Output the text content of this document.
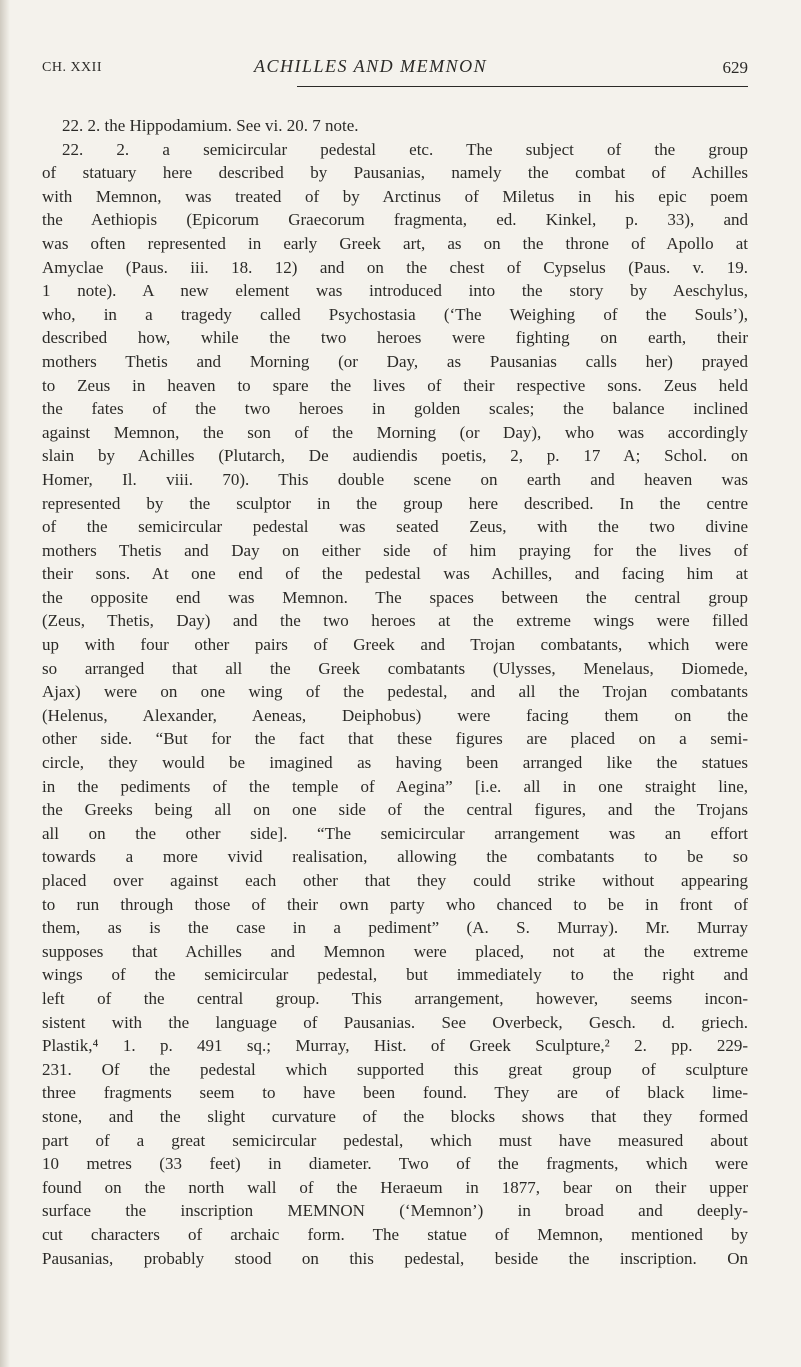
CH. XXII	ACHILLES AND MEMNON	629
22. 2. the Hippodamium. See vi. 20. 7 note.
22. 2. a semicircular pedestal etc. The subject of the group
of statuary here described by Pausanias, namely the combat of Achilles
with Memnon, was treated of by Arctinus of Miletus in his epic poem
the Aethiopis (Epicorum Graecorum fragmenta, ed. Kinkel, p. 33), and
was often represented in early Greek art, as on the throne of Apollo at
Amyclae (Paus. iii. 18. 12) and on the chest of Cypselus (Paus. v. 19.
1 note). A new element was introduced into the story by Aeschylus,
who, in a tragedy called Psychostasia (‘The Weighing of the Souls’),
described how, while the two heroes were fighting on earth, their
mothers Thetis and Morning (or Day, as Pausanias calls her) prayed
to Zeus in heaven to spare the lives of their respective sons. Zeus held
the fates of the two heroes in golden scales; the balance inclined
against Memnon, the son of the Morning (or Day), who was accordingly
slain by Achilles (Plutarch, De audiendis poetis, 2, p. 17 A; Schol. on
Homer, Il. viii. 70). This double scene on earth and heaven was
represented by the sculptor in the group here described. In the centre
of the semicircular pedestal was seated Zeus, with the two divine
mothers Thetis and Day on either side of him praying for the lives of
their sons. At one end of the pedestal was Achilles, and facing him at
the opposite end was Memnon. The spaces between the central group
(Zeus, Thetis, Day) and the two heroes at the extreme wings were filled
up with four other pairs of Greek and Trojan combatants, which were
so arranged that all the Greek combatants (Ulysses, Menelaus, Diomede,
Ajax) were on one wing of the pedestal, and all the Trojan combatants
(Helenus, Alexander, Aeneas, Deiphobus) were facing them on the
other side. “But for the fact that these figures are placed on a semi-
circle, they would be imagined as having been arranged like the statues
in the pediments of the temple of Aegina” [i.e. all in one straight line,
the Greeks being all on one side of the central figures, and the Trojans
all on the other side]. “The semicircular arrangement was an effort
towards a more vivid realisation, allowing the combatants to be so
placed over against each other that they could strike without appearing
to run through those of their own party who chanced to be in front of
them, as is the case in a pediment” (A. S. Murray). Mr. Murray
supposes that Achilles and Memnon were placed, not at the extreme
wings of the semicircular pedestal, but immediately to the right and
left of the central group. This arrangement, however, seems incon-
sistent with the language of Pausanias. See Overbeck, Gesch. d. griech.
Plastik,⁴ 1. p. 491 sq.; Murray, Hist. of Greek Sculpture,² 2. pp. 229-
231. Of the pedestal which supported this great group of sculpture
three fragments seem to have been found. They are of black lime-
stone, and the slight curvature of the blocks shows that they formed
part of a great semicircular pedestal, which must have measured about
10 metres (33 feet) in diameter. Two of the fragments, which were
found on the north wall of the Heraeum in 1877, bear on their upper
surface the inscription MEMNON (‘Memnon’) in broad and deeply-
cut characters of archaic form. The statue of Memnon, mentioned by
Pausanias, probably stood on this pedestal, beside the inscription. On
